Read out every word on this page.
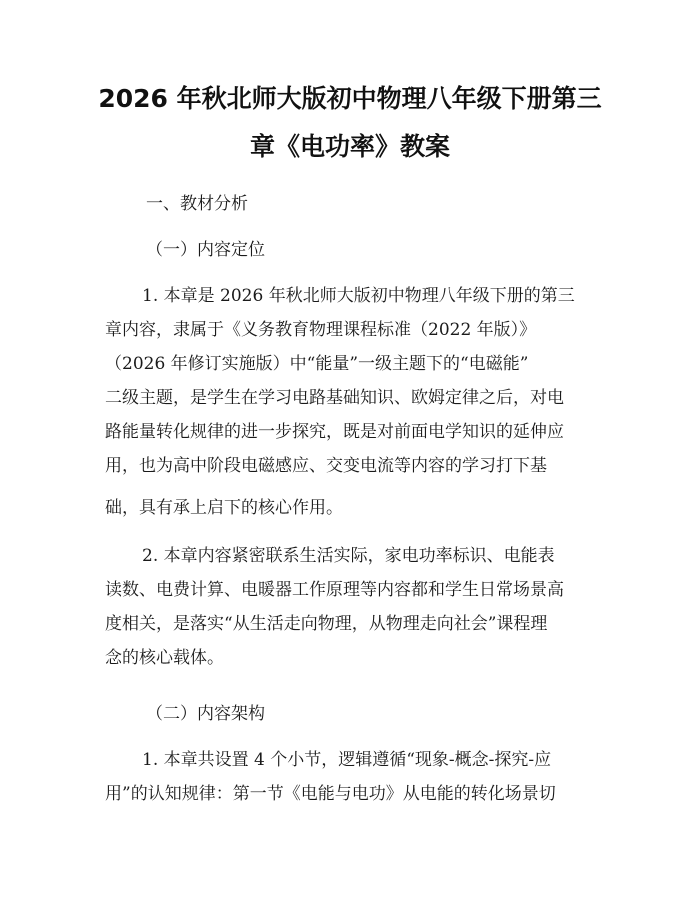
2026 年秋北师大版初中物理八年级下册第三
章《电功率》教案

一、教材分析

（一）内容定位

1. 本章是 2026 年秋北师大版初中物理八年级下册的第三

章内容，隶属于《义务教育物理课程标准（2022 年版）》

（2026 年修订实施版）中“能量”一级主题下的“电磁能”

二级主题，是学生在学习电路基础知识、欧姆定律之后，对电

路能量转化规律的进一步探究，既是对前面电学知识的延伸应

用，也为高中阶段电磁感应、交变电流等内容的学习打下基

础，具有承上启下的核心作用。

2. 本章内容紧密联系生活实际，家电功率标识、电能表

读数、电费计算、电暖器工作原理等内容都和学生日常场景高

度相关，是落实“从生活走向物理，从物理走向社会”课程理

念的核心载体。

（二）内容架构

1. 本章共设置 4 个小节，逻辑遵循“现象-概念-探究-应

用”的认知规律：第一节《电能与电功》从电能的转化场景切
